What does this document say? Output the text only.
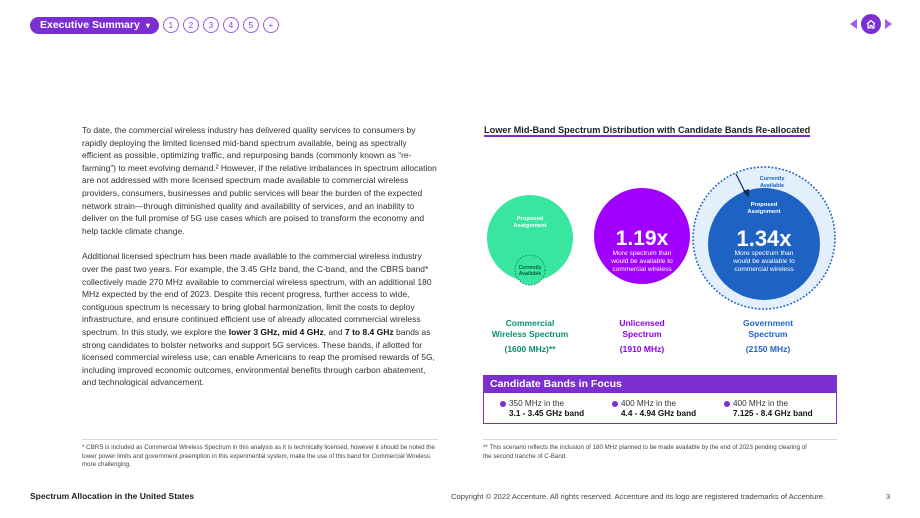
Executive Summary ▾	1	2	3	4	5	+

To date, the commercial wireless industry has delivered quality services to consumers by rapidly deploying the limited licensed mid-band spectrum available, being as spectrally efficient as possible, optimizing traffic, and repurposing bands (commonly known as “re-farming”) to meet evolving demand.² However, if the relative imbalances in spectrum allocation are not addressed with more licensed spectrum made available to commercial wireless providers, consumers, businesses and public services will bear the burden of the expected network strain—through diminished quality and availability of services, and an inability to deliver on the full promise of 5G use cases which are poised to transform the economy and help tackle climate change.

Additional licensed spectrum has been made available to the commercial wireless industry over the past two years. For example, the 3.45 GHz band, the C-band, and the CBRS band* collectively made 270 MHz available to commercial wireless spectrum, with an additional 180 MHz expected by the end of 2023. Despite this recent progress, further access to wide, contiguous spectrum is necessary to bring global harmonization, limit the costs to deploy infrastructure, and ensure continued efficient use of already allocated commercial wireless spectrum. In this study, we explore the lower 3 GHz, mid 4 GHz, and 7 to 8.4 GHz bands as strong candidates to bolster networks and support 5G services. These bands, if allotted for licensed commercial wireless use, can enable Americans to reap the promised rewards of 5G, including improved economic outcomes, environmental benefits through carbon abatement, and technological advancement.

* CBRS is included as Commercial Wireless Spectrum in this analysis as it is technically licensed, however it should be noted the lower power limits and government preemption in this experimental system, make the use of this band for Commercial Wireless more challenging.
Lower Mid-Band Spectrum Distribution with Candidate Bands Re-allocated
Proposed Assignment
Currently Available
1.19x
More spectrum than would be available to commercial wireless
Currently Available
Proposed Assignment
1.34x
More spectrum than would be available to commercial wireless
Commercial Wireless Spectrum
(1600 MHz)**
Unlicensed Spectrum
(1910 MHz)
Government Spectrum
(2150 MHz)
Candidate Bands in Focus
350 MHz in the
3.1 - 3.45 GHz band
400 MHz in the
4.4 - 4.94 GHz band
400 MHz in the
7.125 - 8.4 GHz band
** This scenario reflects the inclusion of 180 MHz planned to be made available by the end of 2023 pending clearing of the second tranche of C-Band.
Spectrum Allocation in the United States	Copyright © 2022 Accenture. All rights reserved. Accenture and its logo are registered trademarks of Accenture.	3
